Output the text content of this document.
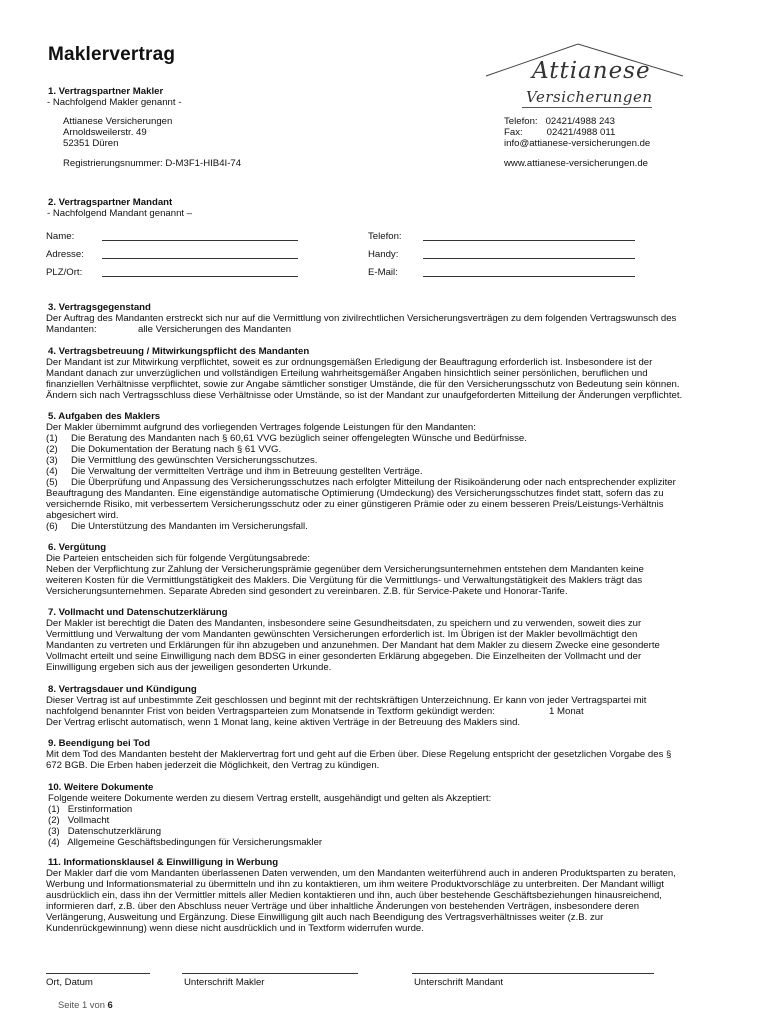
Maklervertrag
Attianese
Versicherungen
1. Vertragspartner Makler
- Nachfolgend Makler genannt -
Attianese Versicherungen
Arnoldsweilerstr. 49
52351 Düren
Registrierungsnummer: D-M3F1-HIB4I-74
Telefon:   02421/4988 243
Fax:         02421/4988 011
info@attianese-versicherungen.de
www.attianese-versicherungen.de
2. Vertragspartner Mandant
- Nachfolgend Mandant genannt –
Name:
Adresse:
PLZ/Ort:
Telefon:
Handy:
E-Mail:
3. Vertragsgegenstand
Der Auftrag des Mandanten erstreckt sich nur auf die Vermittlung von zivilrechtlichen Versicherungsverträgen zu dem folgenden Vertragswunsch des
Mandanten:	alle Versicherungen des Mandanten
4. Vertragsbetreuung / Mitwirkungspflicht des Mandanten
Der Mandant ist zur Mitwirkung verpflichtet, soweit es zur ordnungsgemäßen Erledigung der Beauftragung erforderlich ist. Insbesondere ist der
Mandant danach zur unverzüglichen und vollständigen Erteilung wahrheitsgemäßer Angaben hinsichtlich seiner persönlichen, beruflichen und
finanziellen Verhältnisse verpflichtet, sowie zur Angabe sämtlicher sonstiger Umstände, die für den Versicherungsschutz von Bedeutung sein können.
Ändern sich nach Vertragsschluss diese Verhältnisse oder Umstände, so ist der Mandant zur unaufgeforderten Mitteilung der Änderungen verpflichtet.
5. Aufgaben des Maklers
Der Makler übernimmt aufgrund des vorliegenden Vertrages folgende Leistungen für den Mandanten:
(1)     Die Beratung des Mandanten nach § 60,61 VVG bezüglich seiner offengelegten Wünsche und Bedürfnisse.
(2)     Die Dokumentation der Beratung nach § 61 VVG.
(3)     Die Vermittlung des gewünschten Versicherungsschutzes.
(4)     Die Verwaltung der vermittelten Verträge und ihm in Betreuung gestellten Verträge.
(5)     Die Überprüfung und Anpassung des Versicherungsschutzes nach erfolgter Mitteilung der Risikoänderung oder nach entsprechender expliziter
Beauftragung des Mandanten. Eine eigenständige automatische Optimierung (Umdeckung) des Versicherungsschutzes findet statt, sofern das zu
versichernde Risiko, mit verbessertem Versicherungsschutz oder zu einer günstigeren Prämie oder zu einem besseren Preis/Leistungs-Verhältnis
abgesichert wird.
(6)     Die Unterstützung des Mandanten im Versicherungsfall.
6. Vergütung
Die Parteien entscheiden sich für folgende Vergütungsabrede:
Neben der Verpflichtung zur Zahlung der Versicherungsprämie gegenüber dem Versicherungsunternehmen entstehen dem Mandanten keine
weiteren Kosten für die Vermittlungstätigkeit des Maklers. Die Vergütung für die Vermittlungs- und Verwaltungstätigkeit des Maklers trägt das
Versicherungsunternehmen. Separate Abreden sind gesondert zu vereinbaren. Z.B. für Service-Pakete und Honorar-Tarife.
7. Vollmacht und Datenschutzerklärung
Der Makler ist berechtigt die Daten des Mandanten, insbesondere seine Gesundheitsdaten, zu speichern und zu verwenden, soweit dies zur
Vermittlung und Verwaltung der vom Mandanten gewünschten Versicherungen erforderlich ist. Im Übrigen ist der Makler bevollmächtigt den
Mandanten zu vertreten und Erklärungen für ihn abzugeben und anzunehmen. Der Mandant hat dem Makler zu diesem Zwecke eine gesonderte
Vollmacht erteilt und seine Einwilligung nach dem BDSG in einer gesonderten Erklärung abgegeben. Die Einzelheiten der Vollmacht und der
Einwilligung ergeben sich aus der jeweiligen gesonderten Urkunde.
8. Vertragsdauer und Kündigung
Dieser Vertrag ist auf unbestimmte Zeit geschlossen und beginnt mit der rechtskräftigen Unterzeichnung. Er kann von jeder Vertragspartei mit
nachfolgend benannter Frist von beiden Vertragsparteien zum Monatsende in Textform gekündigt werden:	1 Monat
Der Vertrag erlischt automatisch, wenn 1 Monat lang, keine aktiven Verträge in der Betreuung des Maklers sind.
9. Beendigung bei Tod
Mit dem Tod des Mandanten besteht der Maklervertrag fort und geht auf die Erben über. Diese Regelung entspricht der gesetzlichen Vorgabe des §
672 BGB. Die Erben haben jederzeit die Möglichkeit, den Vertrag zu kündigen.
10. Weitere Dokumente
Folgende weitere Dokumente werden zu diesem Vertrag erstellt, ausgehändigt und gelten als Akzeptiert:
(1)   Erstinformation
(2)   Vollmacht
(3)   Datenschutzerklärung
(4)   Allgemeine Geschäftsbedingungen für Versicherungsmakler
11. Informationsklausel & Einwilligung in Werbung
Der Makler darf die vom Mandanten überlassenen Daten verwenden, um den Mandanten weiterführend auch in anderen Produktsparten zu beraten,
Werbung und Informationsmaterial zu übermitteln und ihn zu kontaktieren, um ihm weitere Produktvorschläge zu unterbreiten. Der Mandant willigt
ausdrücklich ein, dass ihn der Vermittler mittels aller Medien kontaktieren und ihn, auch über bestehende Geschäftsbeziehungen hinausreichend,
informieren darf, z.B. über den Abschluss neuer Verträge und über inhaltliche Änderungen von bestehenden Verträgen, insbesondere deren
Verlängerung, Ausweitung und Ergänzung. Diese Einwilligung gilt auch nach Beendigung des Vertragsverhältnisses weiter (z.B. zur
Kundenrückgewinnung) wenn diese nicht ausdrücklich und in Textform widerrufen wurde.
Ort, Datum	Unterschrift Makler	Unterschrift Mandant
Seite 1 von 6
